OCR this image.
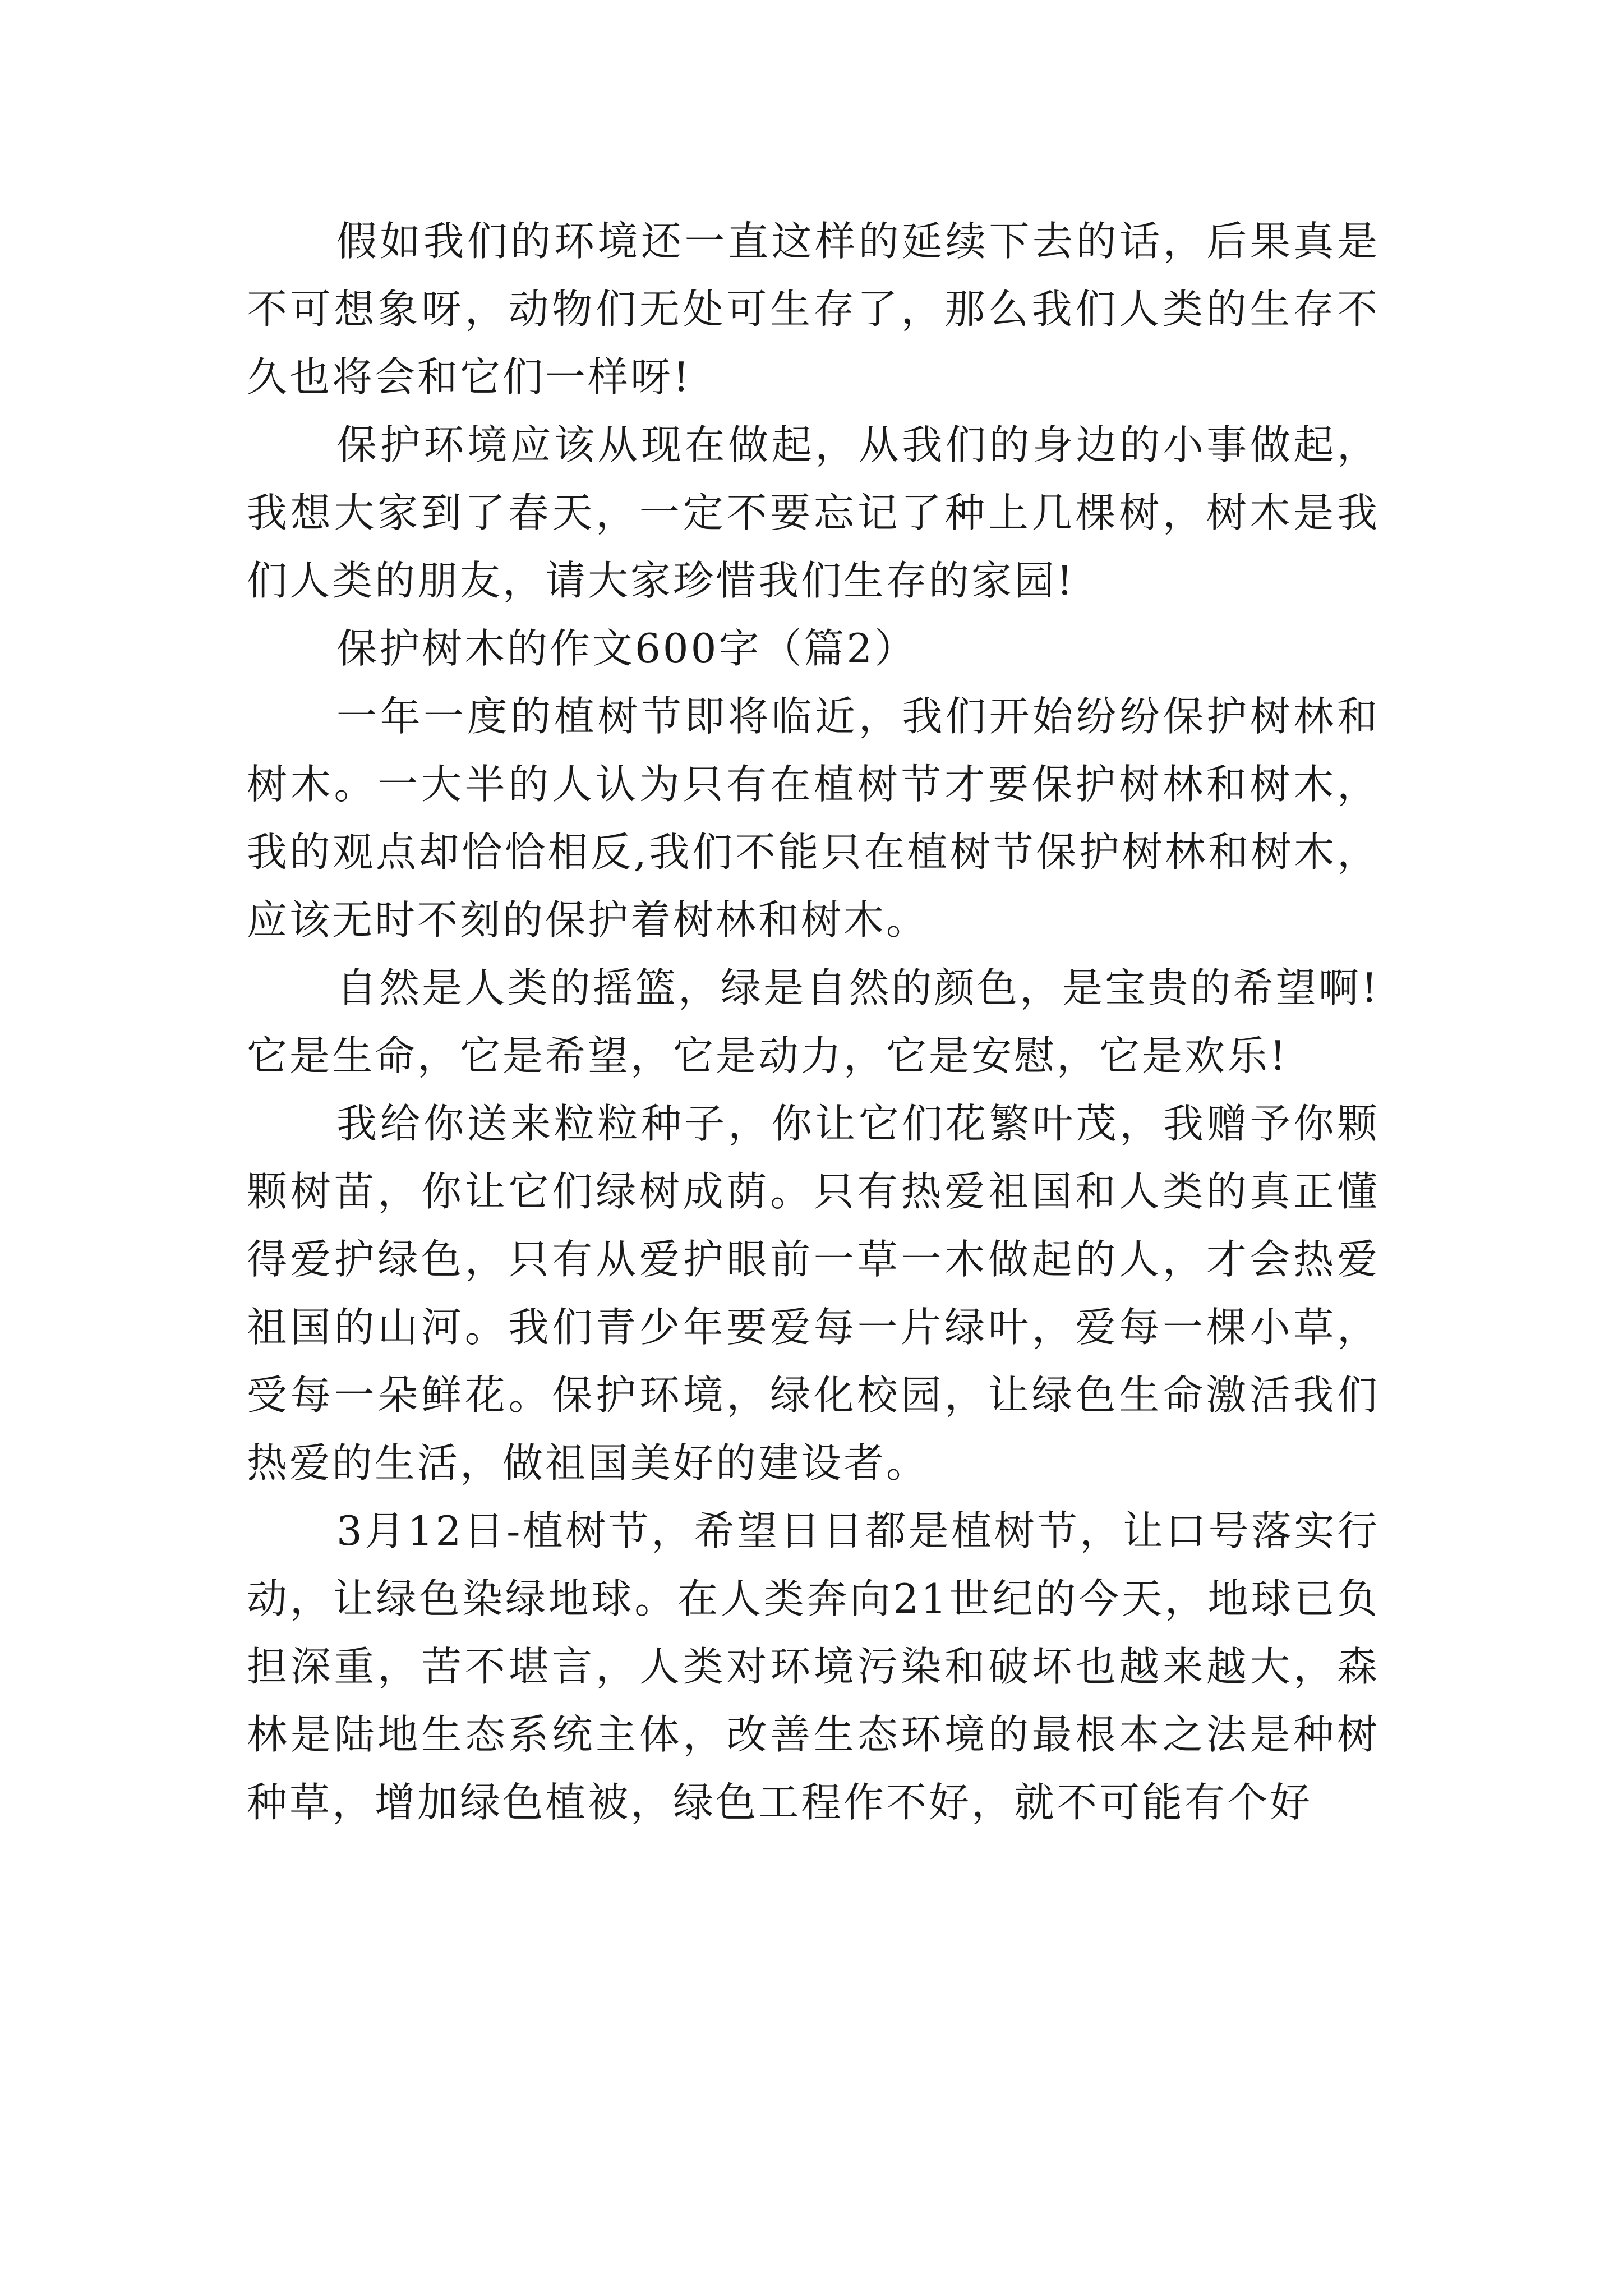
假如我们的环境还一直这样的延续下去的话，后果真是不可想象呀，动物们无处可生存了，那么我们人类的生存不久也将会和它们一样呀!

保护环境应该从现在做起，从我们的身边的小事做起，我想大家到了春天，一定不要忘记了种上几棵树，树木是我们人类的朋友，请大家珍惜我们生存的家园!

保护树木的作文600字（篇2）

一年一度的植树节即将临近，我们开始纷纷保护树林和树木。一大半的人认为只有在植树节才要保护树林和树木，我的观点却恰恰相反,我们不能只在植树节保护树林和树木，应该无时不刻的保护着树林和树木。

自然是人类的摇篮，绿是自然的颜色，是宝贵的希望啊!它是生命，它是希望，它是动力，它是安慰，它是欢乐!

我给你送来粒粒种子，你让它们花繁叶茂，我赠予你颗颗树苗，你让它们绿树成荫。只有热爱祖国和人类的真正懂得爱护绿色，只有从爱护眼前一草一木做起的人，才会热爱祖国的山河。我们青少年要爱每一片绿叶，爱每一棵小草，受每一朵鲜花。保护环境，绿化校园，让绿色生命激活我们热爱的生活，做祖国美好的建设者。

3月12日-植树节，希望日日都是植树节，让口号落实行动，让绿色染绿地球。在人类奔向21世纪的今天，地球已负担深重，苦不堪言，人类对环境污染和破坏也越来越大，森林是陆地生态系统主体，改善生态环境的最根本之法是种树种草，增加绿色植被，绿色工程作不好，就不可能有个好
